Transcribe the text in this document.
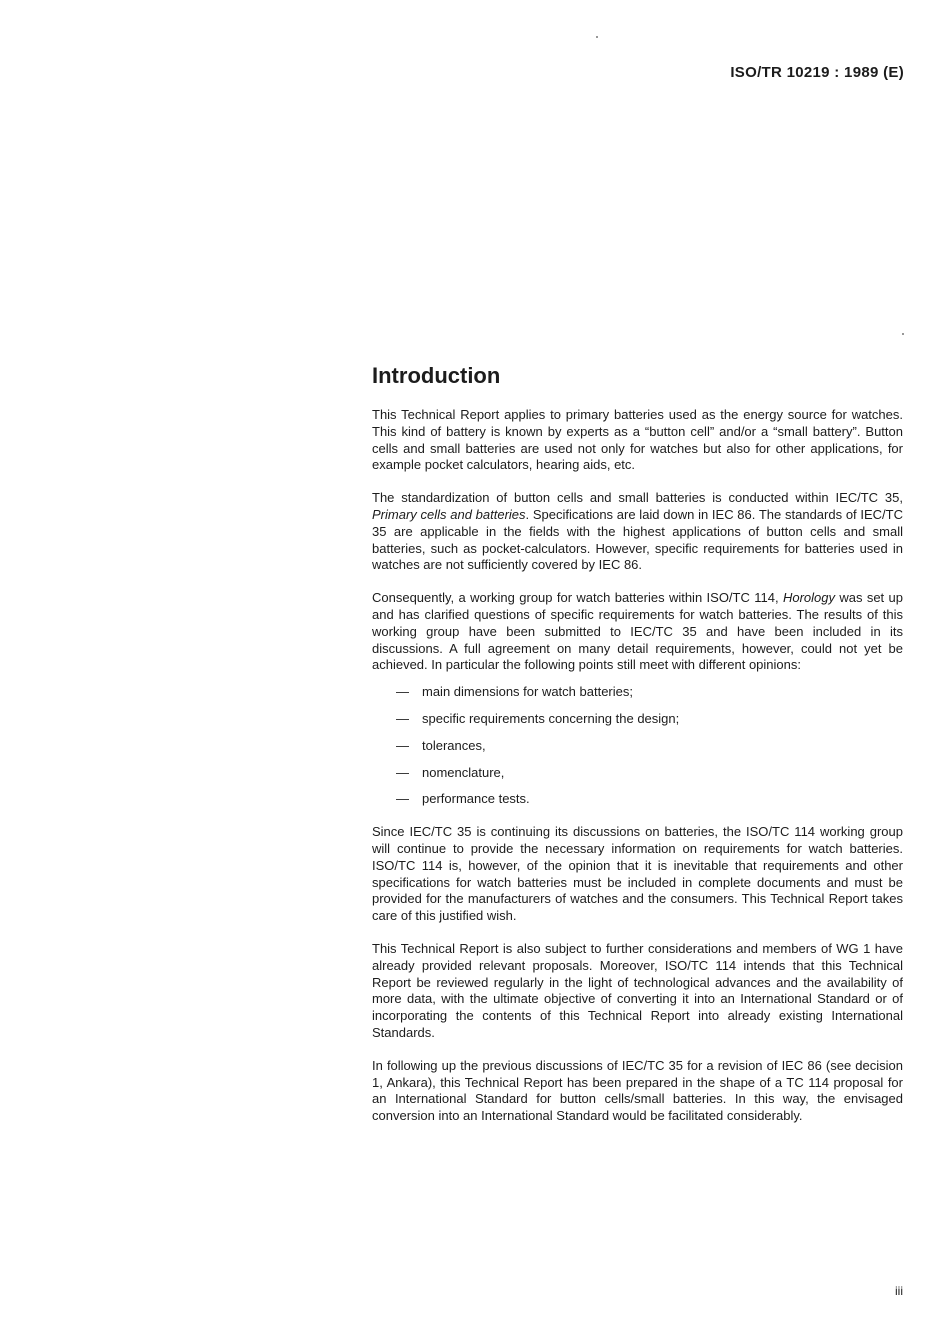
ISO/TR 10219 : 1989 (E)
Introduction

This Technical Report applies to primary batteries used as the energy source for watches. This kind of battery is known by experts as a “button cell” and/or a “small battery”. Button cells and small batteries are used not only for watches but also for other applications, for example pocket calculators, hearing aids, etc.

The standardization of button cells and small batteries is conducted within IEC/TC 35, Primary cells and batteries. Specifications are laid down in IEC 86. The standards of IEC/TC 35 are applicable in the fields with the highest applications of button cells and small batteries, such as pocket-calculators. However, specific requirements for batteries used in watches are not sufficiently covered by IEC 86.

Consequently, a working group for watch batteries within ISO/TC 114, Horology was set up and has clarified questions of specific requirements for watch batteries. The results of this working group have been submitted to IEC/TC 35 and have been included in its discussions. A full agreement on many detail requirements, however, could not yet be achieved. In particular the following points still meet with different opinions:

—	main dimensions for watch batteries;
—	specific requirements concerning the design;
—	tolerances,
—	nomenclature,
—	performance tests.

Since IEC/TC 35 is continuing its discussions on batteries, the ISO/TC 114 working group will continue to provide the necessary information on requirements for watch batteries. ISO/TC 114 is, however, of the opinion that it is inevitable that requirements and other specifications for watch batteries must be included in complete documents and must be provided for the manufacturers of watches and the consumers. This Technical Report takes care of this justified wish.

This Technical Report is also subject to further considerations and members of WG 1 have already provided relevant proposals. Moreover, ISO/TC 114 intends that this Technical Report be reviewed regularly in the light of technological advances and the availability of more data, with the ultimate objective of converting it into an International Standard or of incorporating the contents of this Technical Report into already existing International Standards.

In following up the previous discussions of IEC/TC 35 for a revision of IEC 86 (see decision 1, Ankara), this Technical Report has been prepared in the shape of a TC 114 proposal for an International Standard for button cells/small batteries. In this way, the envisaged conversion into an International Standard would be facilitated considerably.

iii
